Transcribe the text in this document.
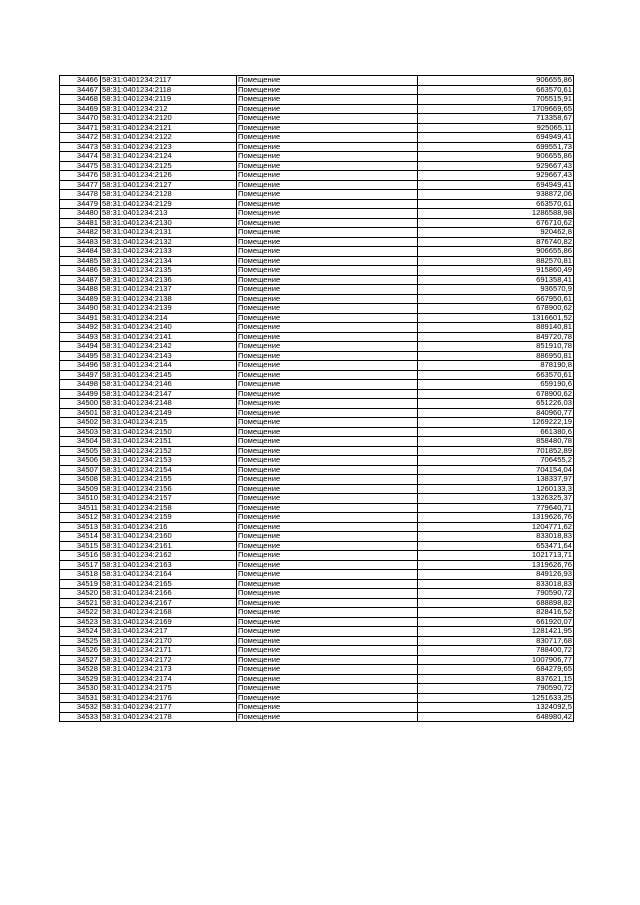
34466	58:31:0401234:2117	Помещение	906655,86
34467	58:31:0401234:2118	Помещение	663570,61
34468	58:31:0401234:2119	Помещение	705515,91
34469	58:31:0401234:212	Помещение	1709669,65
34470	58:31:0401234:2120	Помещение	713358,67
34471	58:31:0401234:2121	Помещение	925065,11
34472	58:31:0401234:2122	Помещение	694949,41
34473	58:31:0401234:2123	Помещение	699551,73
34474	58:31:0401234:2124	Помещение	906655,86
34475	58:31:0401234:2125	Помещение	929667,43
34476	58:31:0401234:2126	Помещение	929667,43
34477	58:31:0401234:2127	Помещение	694949,41
34478	58:31:0401234:2128	Помещение	938872,06
34479	58:31:0401234:2129	Помещение	663570,61
34480	58:31:0401234:213	Помещение	1286588,98
34481	58:31:0401234:2130	Помещение	676710,62
34482	58:31:0401234:2131	Помещение	920462,8
34483	58:31:0401234:2132	Помещение	876740,82
34484	58:31:0401234:2133	Помещение	906655,86
34485	58:31:0401234:2134	Помещение	882570,81
34486	58:31:0401234:2135	Помещение	915860,49
34487	58:31:0401234:2136	Помещение	691358,41
34488	58:31:0401234:2137	Помещение	936570,9
34489	58:31:0401234:2138	Помещение	667950,61
34490	58:31:0401234:2139	Помещение	678900,62
34491	58:31:0401234:214	Помещение	1316601,52
34492	58:31:0401234:2140	Помещение	889140,81
34493	58:31:0401234:2141	Помещение	849720,78
34494	58:31:0401234:2142	Помещение	851910,78
34495	58:31:0401234:2143	Помещение	886950,81
34496	58:31:0401234:2144	Помещение	878190,8
34497	58:31:0401234:2145	Помещение	663570,61
34498	58:31:0401234:2146	Помещение	659190,6
34499	58:31:0401234:2147	Помещение	678900,62
34500	58:31:0401234:2148	Помещение	651226,03
34501	58:31:0401234:2149	Помещение	840960,77
34502	58:31:0401234:215	Помещение	1269222,19
34503	58:31:0401234:2150	Помещение	661380,6
34504	58:31:0401234:2151	Помещение	858480,78
34505	58:31:0401234:2152	Помещение	701852,89
34506	58:31:0401234:2153	Помещение	706455,2
34507	58:31:0401234:2154	Помещение	704154,04
34508	58:31:0401234:2155	Помещение	138337,97
34509	58:31:0401234:2156	Помещение	1260133,3
34510	58:31:0401234:2157	Помещение	1326325,37
34511	58:31:0401234:2158	Помещение	779640,71
34512	58:31:0401234:2159	Помещение	1319626,76
34513	58:31:0401234:216	Помещение	1204771,62
34514	58:31:0401234:2160	Помещение	833018,83
34515	58:31:0401234:2161	Помещение	653471,64
34516	58:31:0401234:2162	Помещение	1021713,71
34517	58:31:0401234:2163	Помещение	1319626,76
34518	58:31:0401234:2164	Помещение	849126,93
34519	58:31:0401234:2165	Помещение	833018,83
34520	58:31:0401234:2166	Помещение	790590,72
34521	58:31:0401234:2167	Помещение	688898,82
34522	58:31:0401234:2168	Помещение	828416,52
34523	58:31:0401234:2169	Помещение	661920,07
34524	58:31:0401234:217	Помещение	1281421,95
34525	58:31:0401234:2170	Помещение	830717,68
34526	58:31:0401234:2171	Помещение	788400,72
34527	58:31:0401234:2172	Помещение	1007906,77
34528	58:31:0401234:2173	Помещение	684279,65
34529	58:31:0401234:2174	Помещение	837621,15
34530	58:31:0401234:2175	Помещение	790590,72
34531	58:31:0401234:2176	Помещение	1251633,25
34532	58:31:0401234:2177	Помещение	1324092,5
34533	58:31:0401234:2178	Помещение	648980,42
